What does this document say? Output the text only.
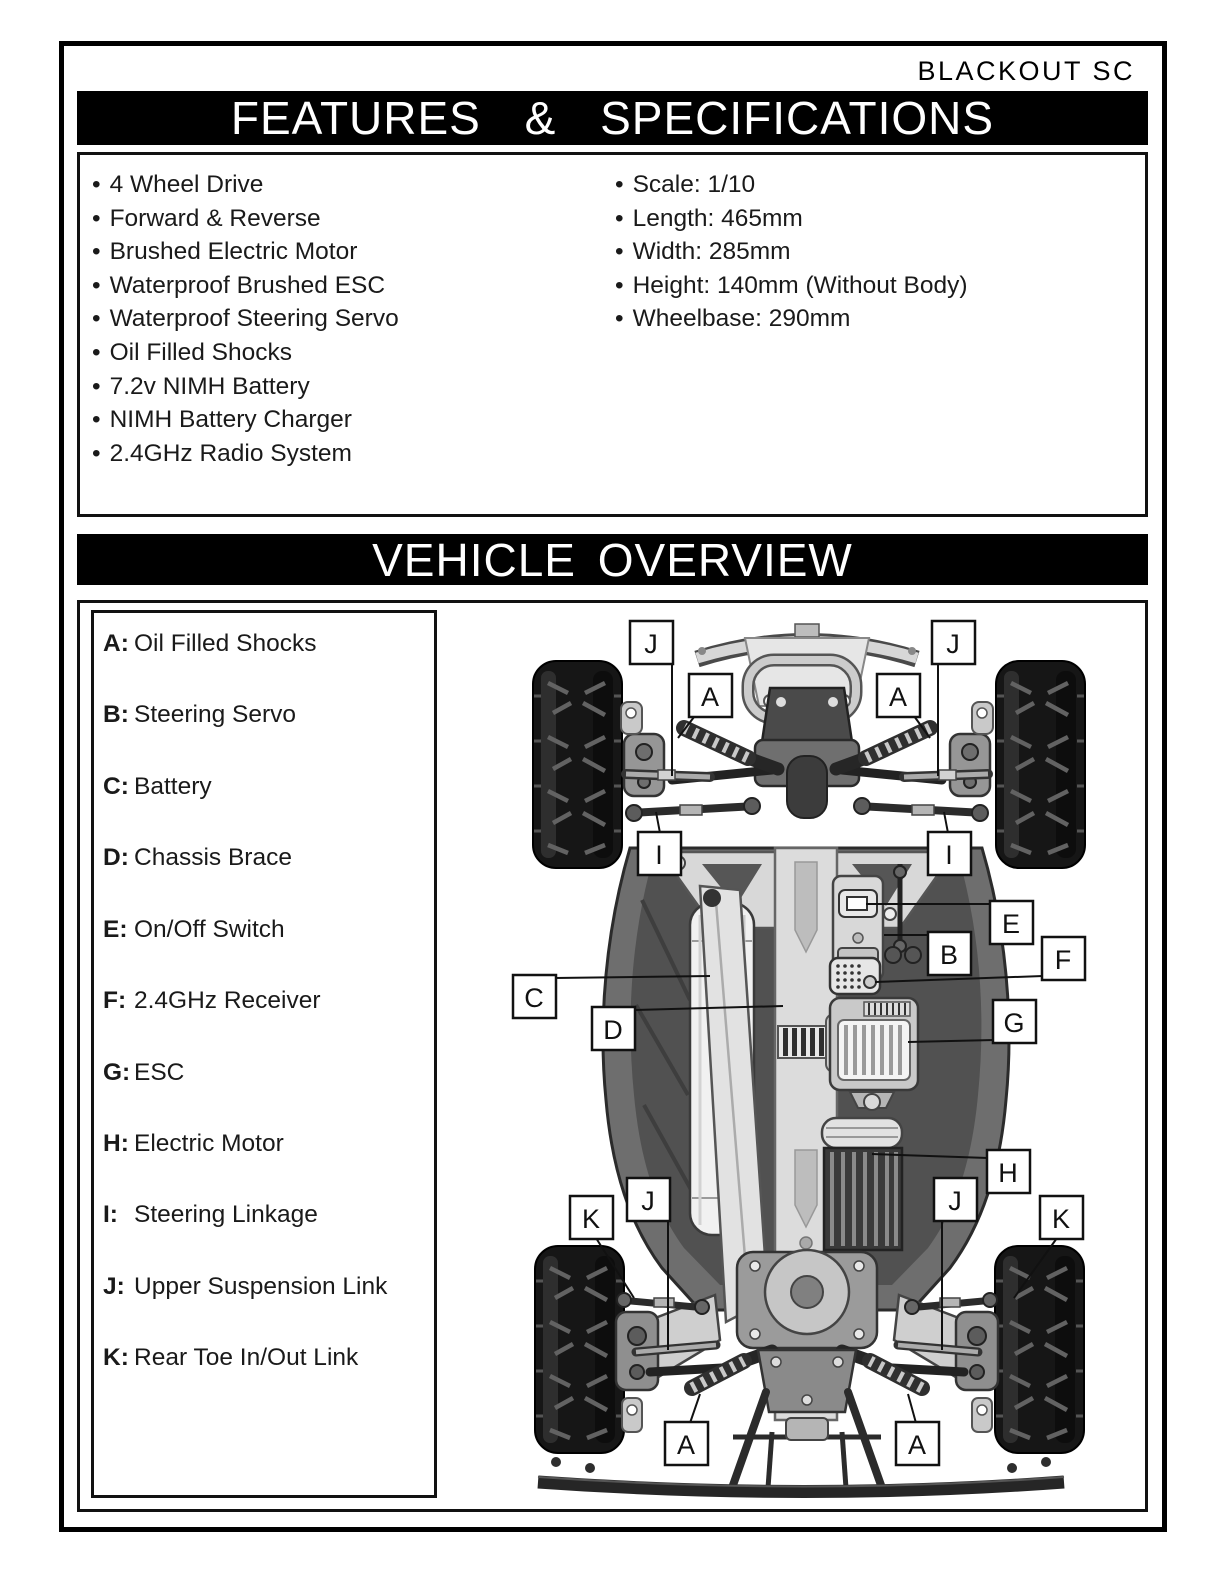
BLACKOUT SC
FEATURES & SPECIFICATIONS
• 4 Wheel Drive
• Forward & Reverse
• Brushed Electric Motor
• Waterproof Brushed ESC
• Waterproof Steering Servo
• Oil Filled Shocks
• 7.2v NIMH Battery
• NIMH Battery Charger
• 2.4GHz Radio System
• Scale: 1/10
• Length: 465mm
• Width: 285mm
• Height: 140mm (Without Body)
• Wheelbase: 290mm
VEHICLE OVERVIEW
A: Oil Filled Shocks
B: Steering Servo
C: Battery
D: Chassis Brace
E: On/Off Switch
F: 2.4GHz Receiver
G: ESC
H: Electric Motor
I: Steering Linkage
J: Upper Suspension Link
K: Rear Toe In/Out Link
J	J
A	A
I	I
E
B	F
C
D	G
H
K
J	J
K
A	A
